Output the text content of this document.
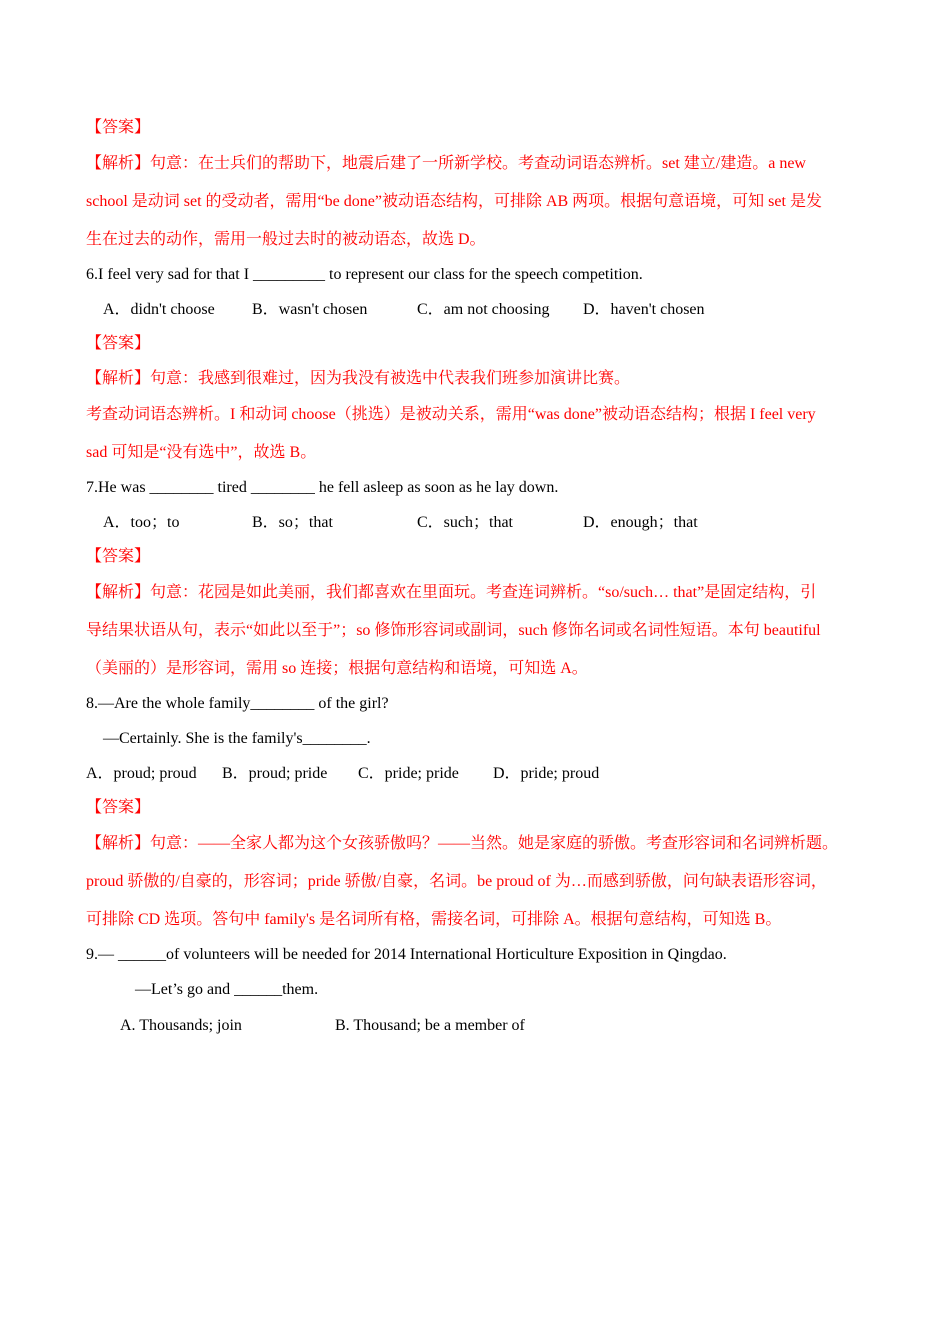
【答案】
【解析】句意：在士兵们的帮助下，地震后建了一所新学校。考查动词语态辨析。set 建立/建造。a new
school 是动词 set 的受动者，需用“be done”被动语态结构，可排除 AB 两项。根据句意语境，可知 set 是发
生在过去的动作，需用一般过去时的被动语态，故选 D。
6.I feel very sad for that I _________ to represent our class for the speech competition.
A．didn't choose B．wasn't chosen	C．am not choosing D．haven't chosen
【答案】
【解析】句意：我感到很难过，因为我没有被选中代表我们班参加演讲比赛。
考查动词语态辨析。I 和动词 choose（挑选）是被动关系，需用“was done”被动语态结构；根据 I feel very
sad 可知是“没有选中”，故选 B。
7.He was ________ tired ________ he fell asleep as soon as he lay down.
A．too；to	B．so；that	C．such；that	D．enough；that
【答案】
【解析】句意：花园是如此美丽，我们都喜欢在里面玩。考查连词辨析。“so/such… that”是固定结构，引
导结果状语从句，表示“如此以至于”；so 修饰形容词或副词，such 修饰名词或名词性短语。本句 beautiful
（美丽的）是形容词，需用 so 连接；根据句意结构和语境，可知选 A。
8.—Are the whole family________ of the girl?
—Certainly. She is the family's________.
A．proud; proud B．proud; pride C．pride; pride D．pride; proud
【答案】
【解析】句意：——全家人都为这个女孩骄傲吗？——当然。她是家庭的骄傲。考查形容词和名词辨析题。
proud 骄傲的/自豪的，形容词；pride 骄傲/自豪，名词。be proud of 为…而感到骄傲，问句缺表语形容词，
可排除 CD 选项。答句中 family's 是名词所有格，需接名词，可排除 A。根据句意结构，可知选 B。
9.— ______of volunteers will be needed for 2014 International Horticulture Exposition in Qingdao.
—Let’s go and ______them.
A. Thousands; join	B. Thousand; be a member of
